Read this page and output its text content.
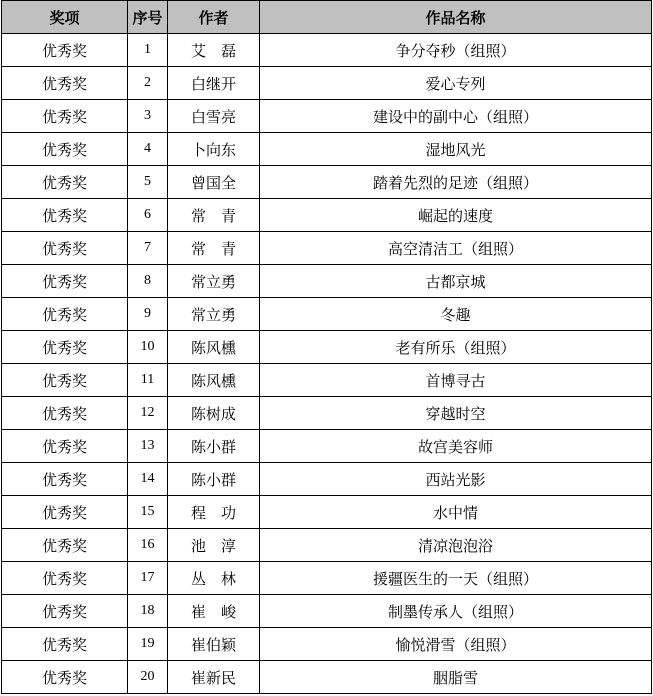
奖项	序号	作者	作品名称
优秀奖	1	艾　磊	争分夺秒（组照）
优秀奖	2	白继开	爱心专列
优秀奖	3	白雪亮	建设中的副中心（组照）
优秀奖	4	卜向东	湿地风光
优秀奖	5	曾国全	踏着先烈的足迹（组照）
优秀奖	6	常　青	崛起的速度
优秀奖	7	常　青	高空清洁工（组照）
优秀奖	8	常立勇	古都京城
优秀奖	9	常立勇	冬趣
优秀奖	10	陈风櫄	老有所乐（组照）
优秀奖	11	陈风櫄	首博寻古
优秀奖	12	陈树成	穿越时空
优秀奖	13	陈小群	故宫美容师
优秀奖	14	陈小群	西站光影
优秀奖	15	程　功	水中情
优秀奖	16	池　淳	清凉泡泡浴
优秀奖	17	丛　林	援疆医生的一天（组照）
优秀奖	18	崔　峻	制墨传承人（组照）
优秀奖	19	崔伯颖	愉悦滑雪（组照）
优秀奖	20	崔新民	胭脂雪
